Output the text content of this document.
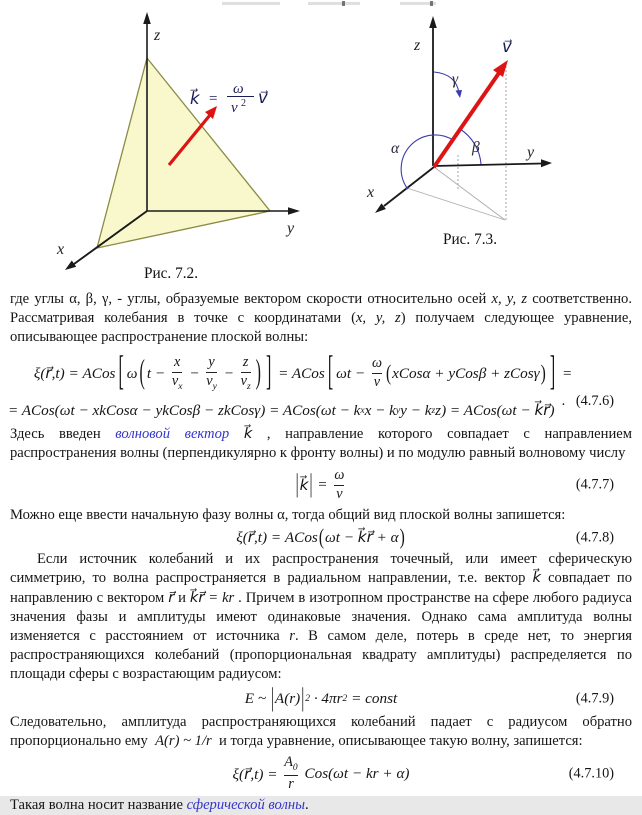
z
y
x
k⃗ =
ω
v 2 v⃗
Рис. 7.2.
z
y
x
v⃗
γ
α	β
Рис. 7.3.

где углы α, β, γ, - углы, образуемые вектором скорости относительно осей x, y, z соответственно. Рассматривая колебания в точке с координатами (x, y, z) получаем следующее уравнение, описывающее распространение плоской волны:

ξ(r⃗,t) = ACos [ ω ( $t - \frac{x}{v_x} - \frac{y}{v_y} - \frac{z}{v_z}$ ) ] = ACos [ $\omega t - \frac{\omega}{v}$ ( xCosα + yCosβ + zCosγ ) ] =
= ACos(ωt − xkCosα − ykCosβ − zkCosγ) = ACos(ωt − k x x − k y y − k z z) = ACos(ωt − k⃗r⃗)
.   (4.7.6)

Здесь введен волновой вектор k⃗ , направление которого совпадает с направлением распространения волны (перпендикулярно к фронту волны) и по модулю равный волновому числу

| k⃗ | = $\frac{\omega}{v}$	(4.7.7)

Можно еще ввести начальную фазу волны α, тогда общий вид плоской волны запишется:

ξ(r⃗,t) = ACos ( ωt − k⃗r⃗ + α )	(4.7.8)

Если источник колебаний и их распространения точечный, или имеет сферическую симметрию, то волна распространяется в радиальном направлении, т.е. вектор k⃗ совпадает по направлению с вектором r⃗ и k⃗r⃗ = kr . Причем в изотропном пространстве на сфере любого радиуса значения фазы и амплитуды имеют одинаковые значения. Однако сама амплитуда волны изменяется с расстоянием от источника r. В самом деле, потерь в среде нет, то энергия распространяющихся колебаний (пропорциональная квадрату амплитуды) распределяется по площади сферы с возрастающим радиусом:

E ~ | A(r) | 2 · 4πr 2 = const	(4.7.9)

Следовательно, амплитуда распространяющихся колебаний падает с радиусом обратно пропорционально ему  A(r) ~ 1/r  и тогда уравнение, описывающее такую волну, запишется:

ξ(r⃗,t) = $\frac{A_0}{r} Cos(\omega t$ − kr + α)	(4.7.10)

Такая волна носит название сферической волны.
